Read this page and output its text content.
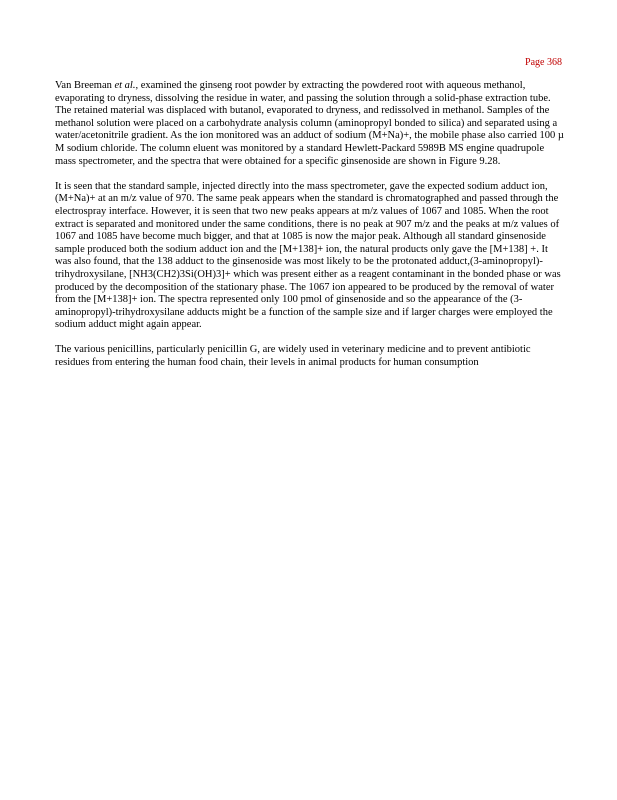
Page 368

Van Breeman et al., examined the ginseng root powder by extracting the powdered root with aqueous methanol, evaporating to dryness, dissolving the residue in water, and passing the solution through a solid-phase extraction tube. The retained material was displaced with butanol, evaporated to dryness, and redissolved in methanol. Samples of the methanol solution were placed on a carbohydrate analysis column (aminopropyl bonded to silica) and separated using a water/acetonitrile gradient. As the ion monitored was an adduct of sodium (M+Na)+, the mobile phase also carried 100 µ M sodium chloride. The column eluent was monitored by a standard Hewlett-Packard 5989B MS engine quadrupole mass spectrometer, and the spectra that were obtained for a specific ginsenoside are shown in Figure 9.28.

It is seen that the standard sample, injected directly into the mass spectrometer, gave the expected sodium adduct ion, (M+Na)+ at an m/z value of 970. The same peak appears when the standard is chromatographed and passed through the electrospray interface. However, it is seen that two new peaks appears at m/z values of 1067 and 1085. When the root extract is separated and monitored under the same conditions, there is no peak at 907 m/z and the peaks at m/z values of 1067 and 1085 have become much bigger, and that at 1085 is now the major peak. Although all standard ginsenoside sample produced both the sodium adduct ion and the [M+138]+ ion, the natural products only gave the [M+138] +. It was also found, that the 138 adduct to the ginsenoside was most likely to be the protonated adduct,(3-aminopropyl)-trihydroxysilane, [NH3(CH2)3Si(OH)3]+ which was present either as a reagent contaminant in the bonded phase or was produced by the decomposition of the stationary phase. The 1067 ion appeared to be produced by the removal of water from the [M+138]+ ion. The spectra represented only 100 pmol of ginsenoside and so the appearance of the (3-aminopropyl)-trihydroxysilane adducts might be a function of the sample size and if larger charges were employed the sodium adduct might again appear.

The various penicillins, particularly penicillin G, are widely used in veterinary medicine and to prevent antibiotic residues from entering the human food chain, their levels in animal products for human consumption
